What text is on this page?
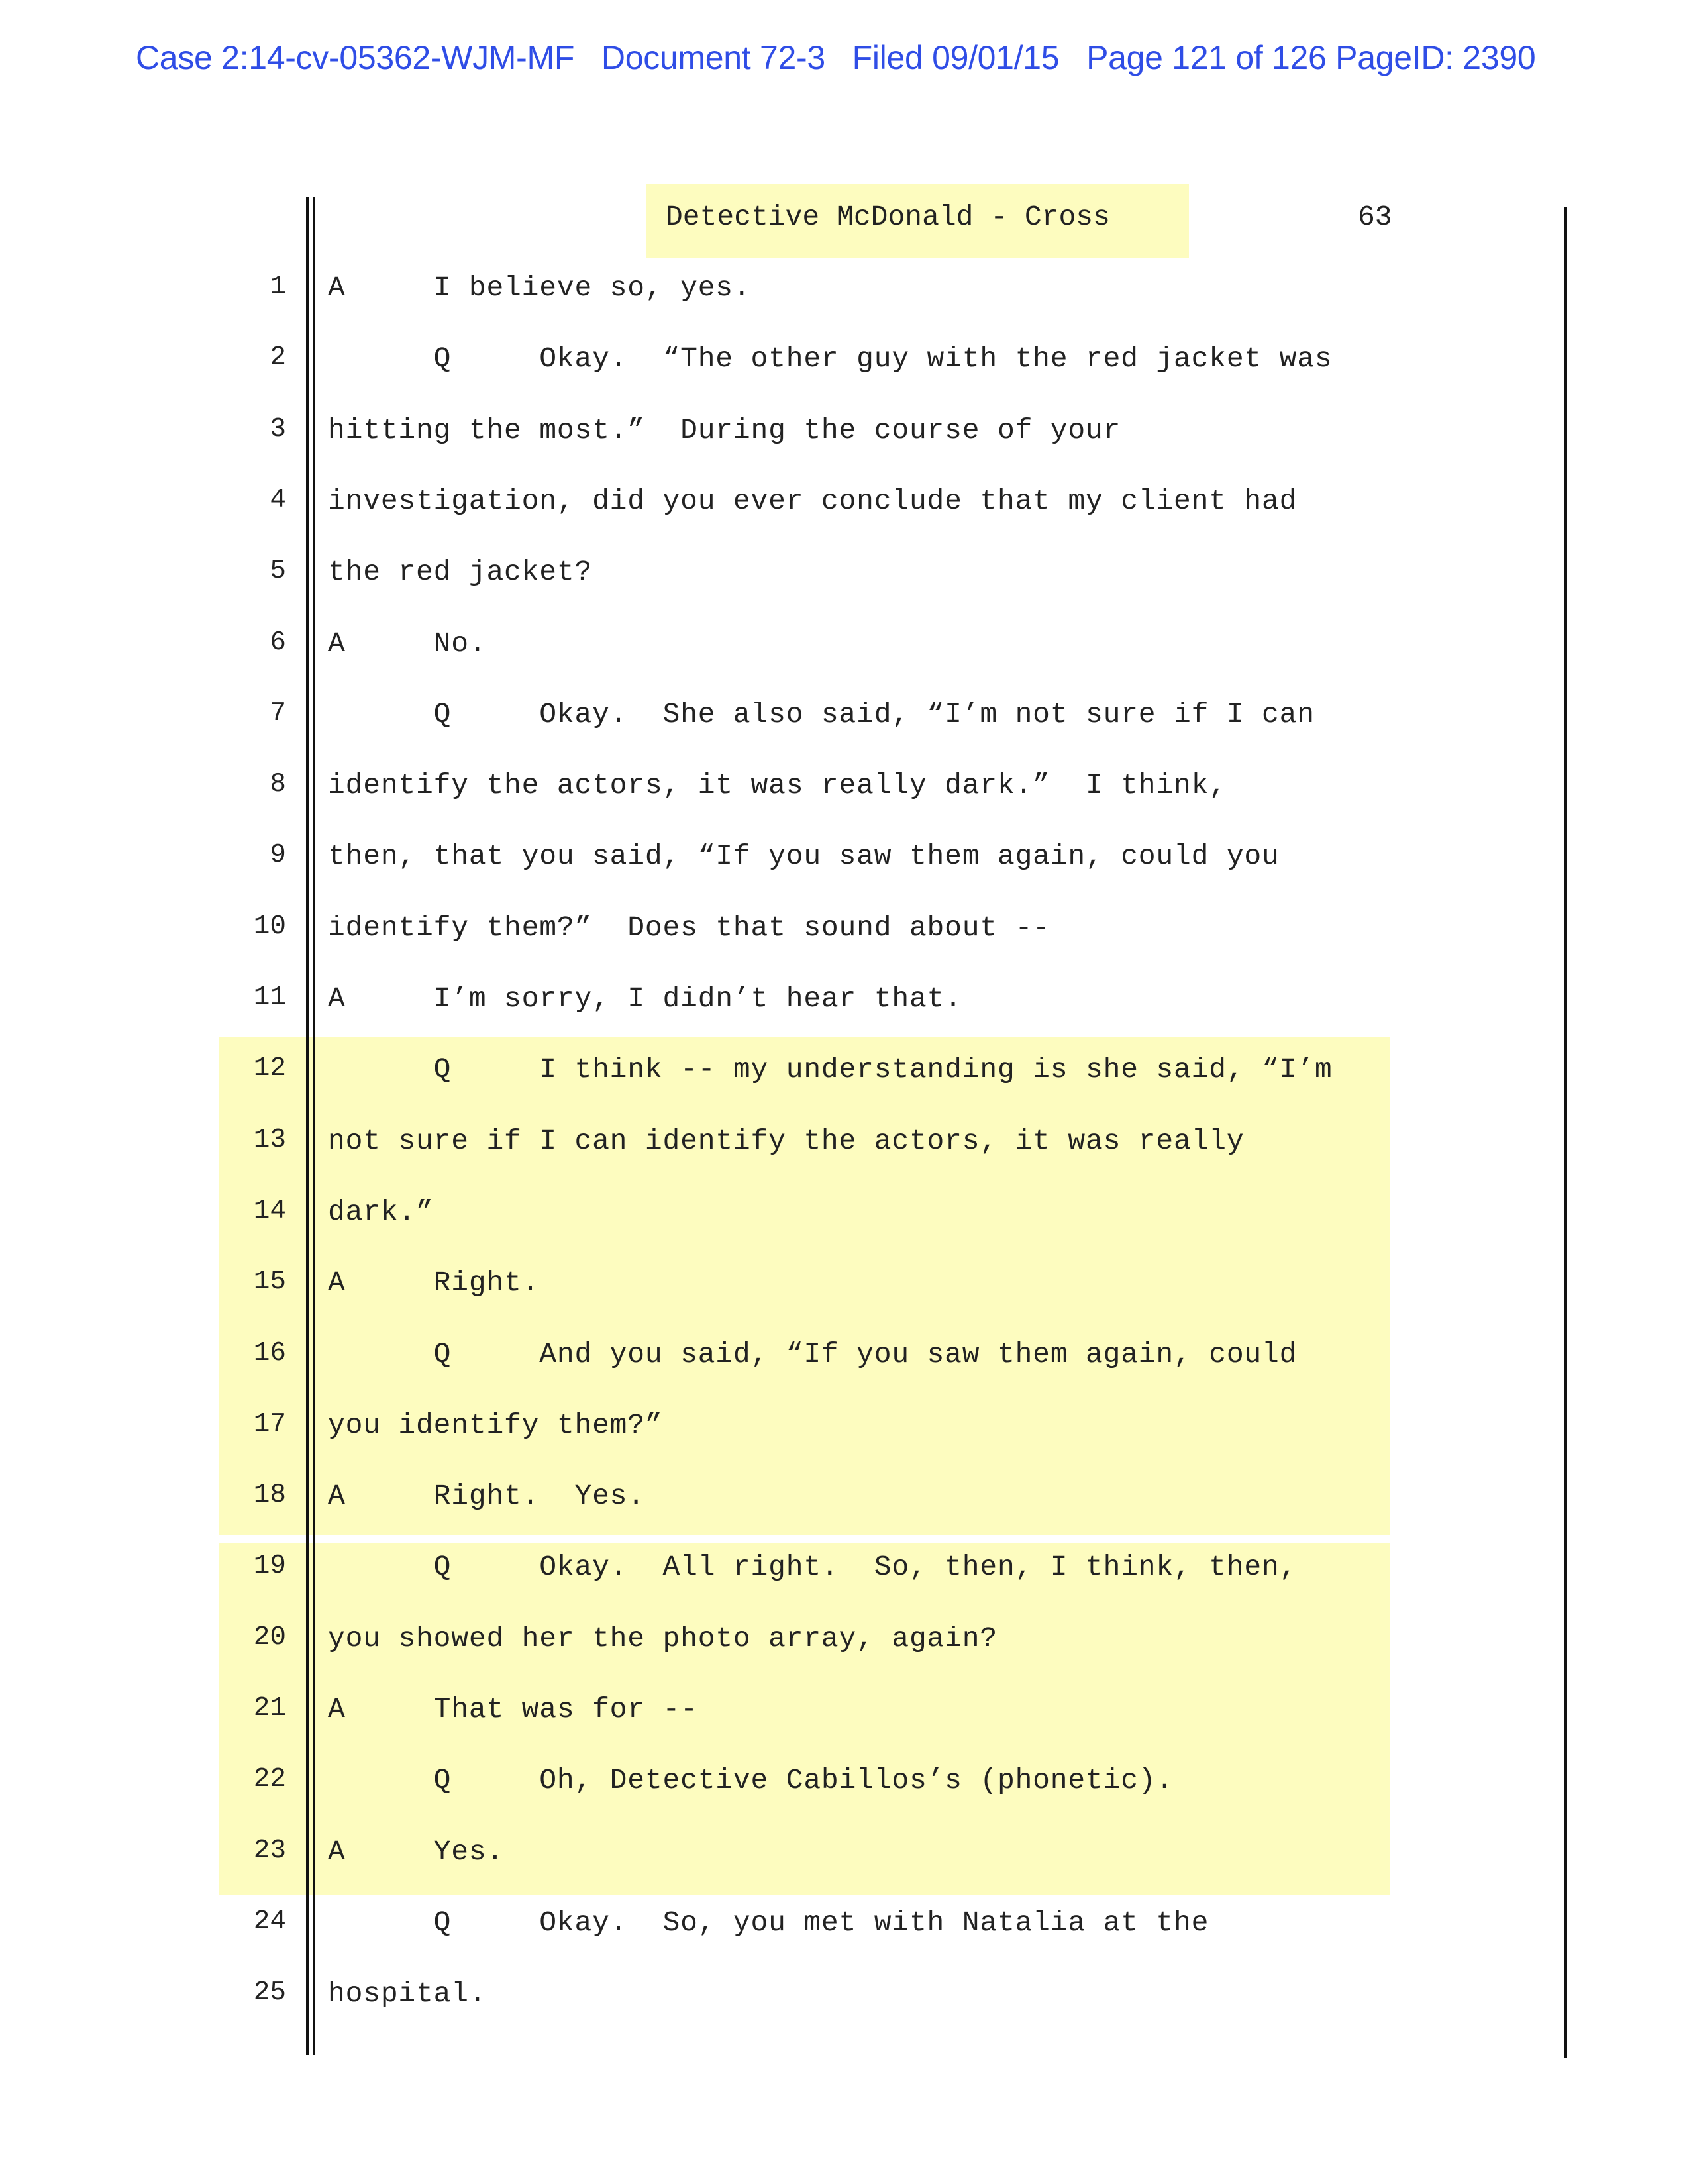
Case 2:14-cv-05362-WJM-MF   Document 72-3   Filed 09/01/15   Page 121 of 126 PageID: 2390
Detective McDonald - Cross	63
1 A     I believe so, yes.
2 Q     Okay.  “The other guy with the red jacket was
3 hitting the most.”  During the course of your
4 investigation, did you ever conclude that my client had
5 the red jacket?
6 A     No.
7 Q     Okay.  She also said, “I’m not sure if I can
8 identify the actors, it was really dark.”  I think,
9 then, that you said, “If you saw them again, could you
10 identify them?”  Does that sound about --
11 A     I’m sorry, I didn’t hear that.
12 Q     I think -- my understanding is she said, “I’m
13 not sure if I can identify the actors, it was really
14 dark.”
15 A     Right.
16 Q     And you said, “If you saw them again, could
17 you identify them?”
18 A     Right.  Yes.
19 Q     Okay.  All right.  So, then, I think, then,
20 you showed her the photo array, again?
21 A     That was for --
22 Q     Oh, Detective Cabillos’s (phonetic).
23 A     Yes.
24 Q     Okay.  So, you met with Natalia at the
25 hospital.
